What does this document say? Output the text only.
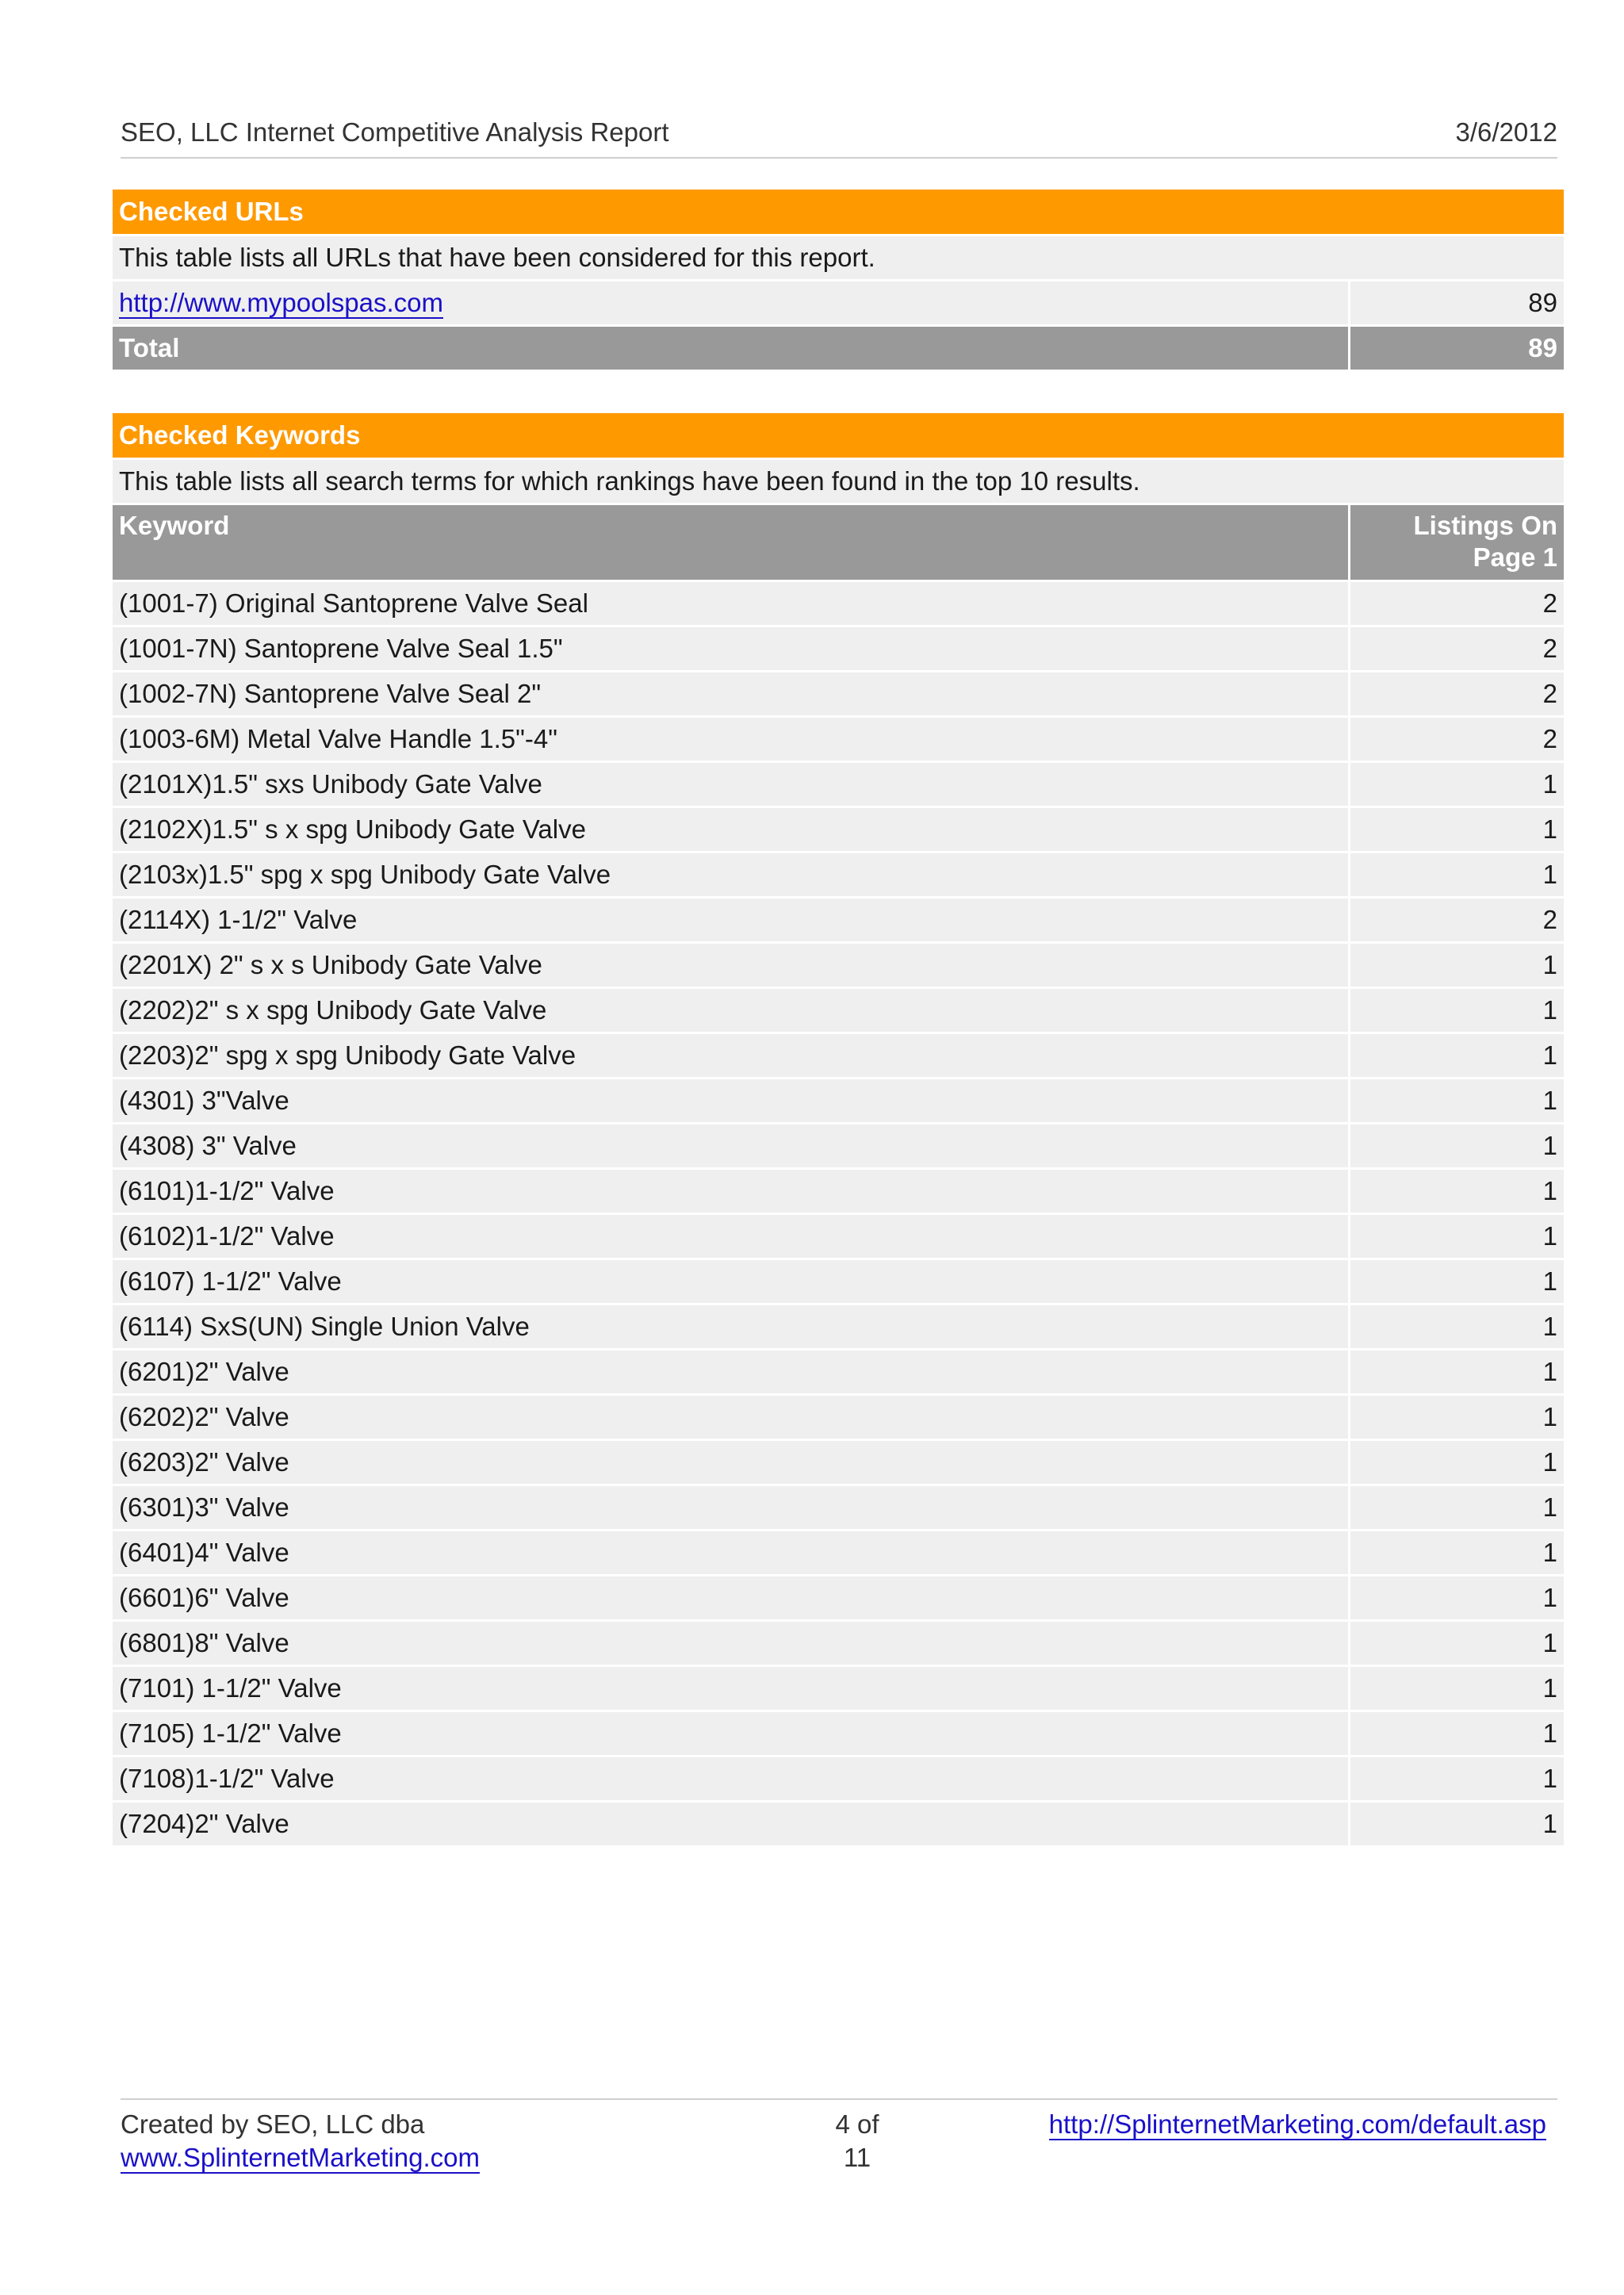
SEO, LLC Internet Competitive Analysis Report	3/6/2012
Checked URLs	
This table lists all URLs that have been considered for this report.	
http://www.mypoolspas.com	89
Total	89
Checked Keywords	
This table lists all search terms for which rankings have been found in the top 10 results.	
Keyword	Listings On
Page 1
(1001-7) Original Santoprene Valve Seal	2
(1001-7N) Santoprene Valve Seal 1.5"	2
(1002-7N) Santoprene Valve Seal 2"	2
(1003-6M) Metal Valve Handle 1.5"-4"	2
(2101X)1.5" sxs Unibody Gate Valve	1
(2102X)1.5" s x spg Unibody Gate Valve	1
(2103x)1.5" spg x spg Unibody Gate Valve	1
(2114X) 1-1/2" Valve	2
(2201X) 2" s x s Unibody Gate Valve	1
(2202)2" s x spg Unibody Gate Valve	1
(2203)2" spg x spg Unibody Gate Valve	1
(4301) 3"Valve	1
(4308) 3" Valve	1
(6101)1-1/2" Valve	1
(6102)1-1/2" Valve	1
(6107) 1-1/2" Valve	1
(6114) SxS(UN) Single Union Valve	1
(6201)2" Valve	1
(6202)2" Valve	1
(6203)2" Valve	1
(6301)3" Valve	1
(6401)4" Valve	1
(6601)6" Valve	1
(6801)8" Valve	1
(7101) 1-1/2" Valve	1
(7105) 1-1/2" Valve	1
(7108)1-1/2" Valve	1
(7204)2" Valve	1
Created by SEO, LLC dba
www.SplinternetMarketing.com
4 of
11
http://SplinternetMarketing.com/default.asp
